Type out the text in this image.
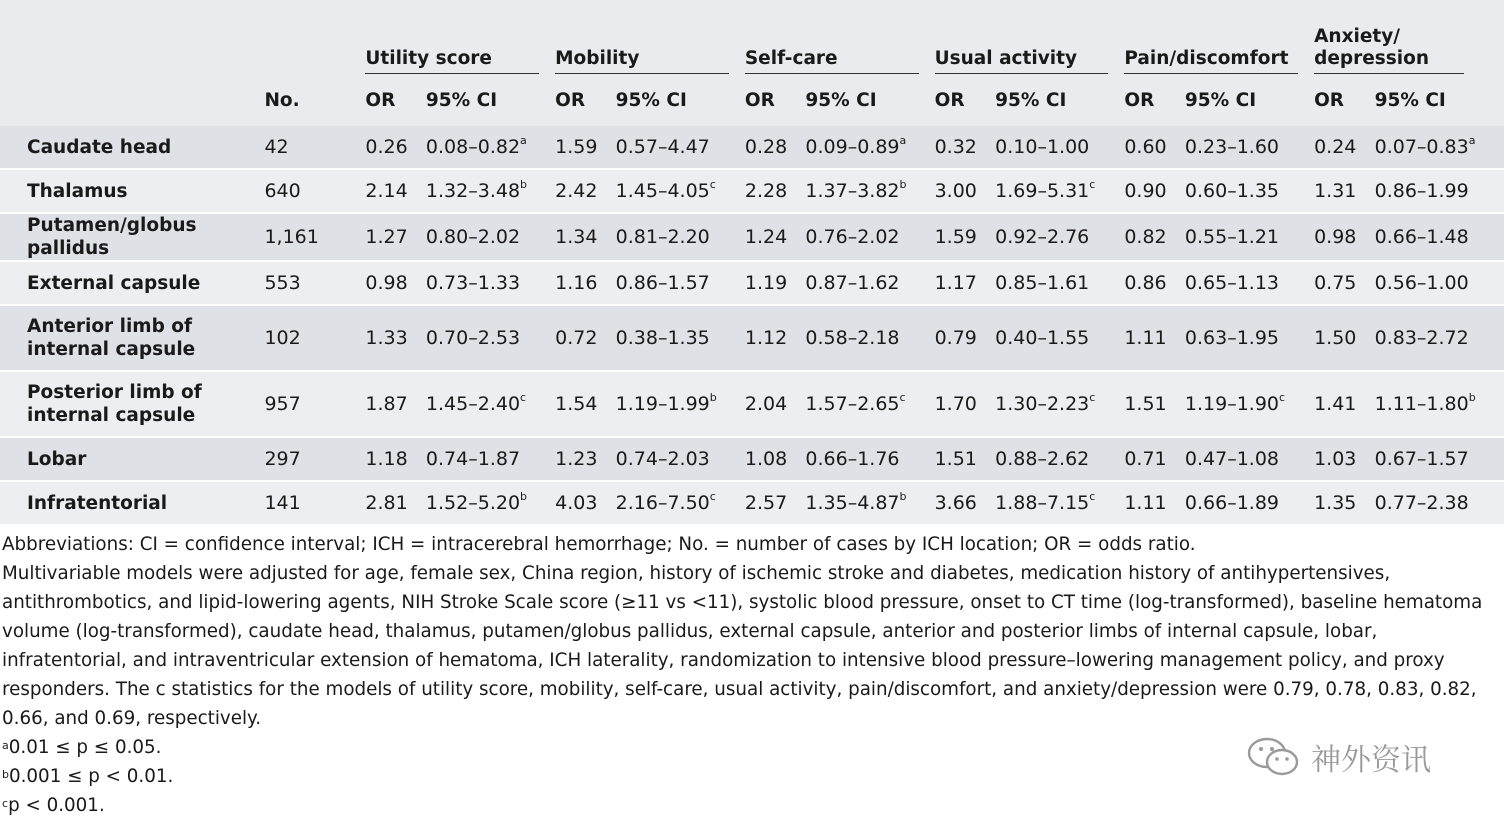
		Utility score		Mobility		Self-care		Usual activity		Pain/discomfort		Anxiety/ depression	

	No.	OR	95% CI	OR	95% CI	OR	95% CI	OR	95% CI	OR	95% CI	OR	95% CI
Caudate head	42	0.26	0.08–0.82$^a$	1.59	0.57–4.47	0.28	0.09–0.89$^a$	0.32	0.10–1.00	0.60	0.23–1.60	0.24	0.07–0.83$^a$
Thalamus	640	2.14	1.32–3.48$^b$	2.42	1.45–4.05$^c$	2.28	1.37–3.82$^b$	3.00	1.69–5.31$^c$	0.90	0.60–1.35	1.31	0.86–1.99
Putamen/globus pallidus	1,161	1.27	0.80–2.02	1.34	0.81–2.20	1.24	0.76–2.02	1.59	0.92–2.76	0.82	0.55–1.21	0.98	0.66–1.48
External capsule	553	0.98	0.73–1.33	1.16	0.86–1.57	1.19	0.87–1.62	1.17	0.85–1.61	0.86	0.65–1.13	0.75	0.56–1.00
Anterior limb of internal capsule	102	1.33	0.70–2.53	0.72	0.38–1.35	1.12	0.58–2.18	0.79	0.40–1.55	1.11	0.63–1.95	1.50	0.83–2.72
Posterior limb of internal capsule	957	1.87	1.45–2.40$^c$	1.54	1.19–1.99$^b$	2.04	1.57–2.65$^c$	1.70	1.30–2.23$^c$	1.51	1.19–1.90$^c$	1.41	1.11–1.80$^b$
Lobar	297	1.18	0.74–1.87	1.23	0.74–2.03	1.08	0.66–1.76	1.51	0.88–2.62	0.71	0.47–1.08	1.03	0.67–1.57
Infratentorial	141	2.81	1.52–5.20$^b$	4.03	2.16–7.50$^c$	2.57	1.35–4.87$^b$	3.66	1.88–7.15$^c$	1.11	0.66–1.89	1.35	0.77–2.38

Abbreviations: CI = confidence interval; ICH = intracerebral hemorrhage; No. = number of cases by ICH location; OR = odds ratio.

Multivariable models were adjusted for age, female sex, China region, history of ischemic stroke and diabetes, medication history of antihypertensives, antithrombotics, and lipid-lowering agents, NIH Stroke Scale score (≥11 vs <11), systolic blood pressure, onset to CT time (log-transformed), baseline hematoma volume (log-transformed), caudate head, thalamus, putamen/globus pallidus, external capsule, anterior and posterior limbs of internal capsule, lobar, infratentorial, and intraventricular extension of hematoma, ICH laterality, randomization to intensive blood pressure–lowering management policy, and proxy responders. The c statistics for the models of utility score, mobility, self-care, usual activity, pain/discomfort, and anxiety/depression were 0.79, 0.78, 0.83, 0.82, 0.66, and 0.69, respectively.

$^a$0.01 ≤ p ≤ 0.05.

$^b$0.001 ≤ p < 0.01.

$^c$p < 0.001.

神外资讯
